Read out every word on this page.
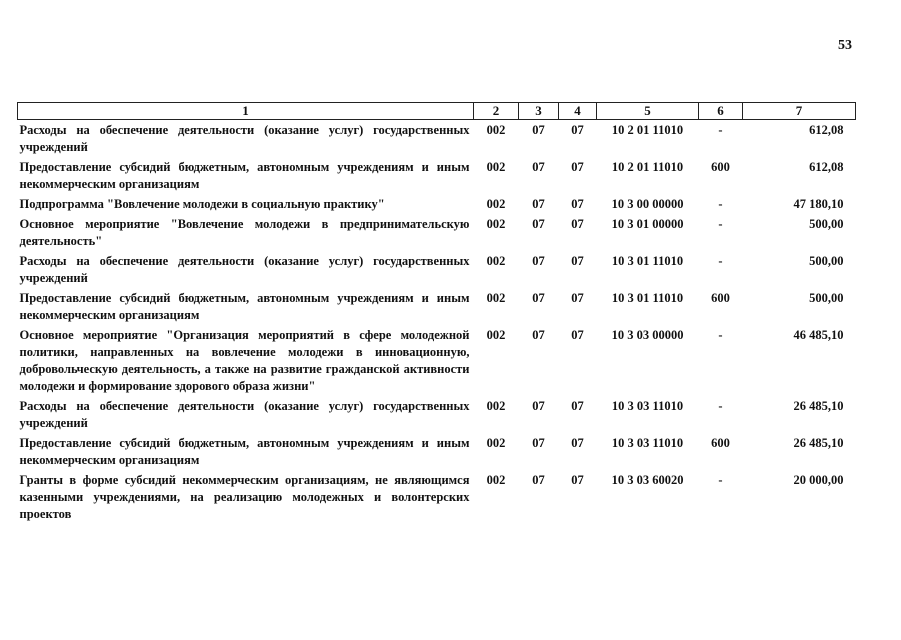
53
1	2	3	4	5	6	7
Расходы на обеспечение деятельности (оказание услуг) государственных учреждений	002	07	07	10 2 01 11010	-	612,08
Предоставление субсидий бюджетным, автономным учреждениям и иным некоммерческим организациям	002	07	07	10 2 01 11010	600	612,08
Подпрограмма "Вовлечение молодежи в социальную практику"	002	07	07	10 3 00 00000	-	47 180,10
Основное мероприятие "Вовлечение молодежи в предпринимательскую деятельность"	002	07	07	10 3 01 00000	-	500,00
Расходы на обеспечение деятельности (оказание услуг) государственных учреждений	002	07	07	10 3 01 11010	-	500,00
Предоставление субсидий бюджетным, автономным учреждениям и иным некоммерческим организациям	002	07	07	10 3 01 11010	600	500,00
Основное мероприятие "Организация мероприятий в сфере молодежной политики, направленных на вовлечение молодежи в инновационную, добровольческую деятельность, а также на развитие гражданской активности молодежи и формирование здорового образа жизни"	002	07	07	10 3 03 00000	-	46 485,10
Расходы на обеспечение деятельности (оказание услуг) государственных учреждений	002	07	07	10 3 03 11010	-	26 485,10
Предоставление субсидий бюджетным, автономным учреждениям и иным некоммерческим организациям	002	07	07	10 3 03 11010	600	26 485,10
Гранты в форме субсидий некоммерческим организациям, не являющимся казенными учреждениями, на реализацию молодежных и волонтерских проектов	002	07	07	10 3 03 60020	-	20 000,00
